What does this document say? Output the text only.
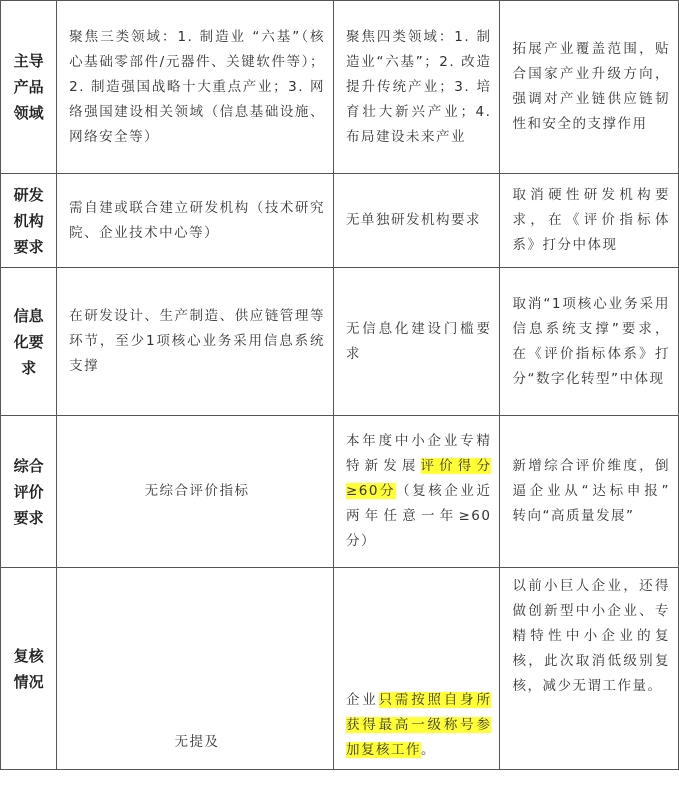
主导产品领域	聚焦三类领域：1. 制造业 “六基”（核心基础零部件/元器件、关键软件等）；2. 制造强国战略十大重点产业；3. 网络强国建设相关领域（信息基础设施、网络安全等）	聚焦四类领域：1. 制造业“六基”；2. 改造提升传统产业；3. 培育壮大新兴产业；4. 布局建设未来产业	拓展产业覆盖范围，贴合国家产业升级方向，强调对产业链供应链韧性和安全的支撑作用
研发机构要求	需自建或联合建立研发机构（技术研究院、企业技术中心等）	无单独研发机构要求	取消硬性研发机构要求，在《评价指标体系》打分中体现
信息化要求	在研发设计、生产制造、供应链管理等环节，至少1项核心业务采用信息系统支撑	无信息化建设门槛要求	取消“1项核心业务采用信息系统支撑”要求，在《评价指标体系》打分“数字化转型”中体现
综合评价要求	无综合评价指标	本年度中小企业专精特新发展评价得分≥60分（复核企业近两年任意一年≥60分）	新增综合评价维度，倒逼企业从“达标申报” 转向“高质量发展”
复核情况	无提及	企业只需按照自身所获得最高一级称号参加复核工作。	以前小巨人企业，还得做创新型中小企业、专精特性中小企业的复核，此次取消低级别复核，减少无谓工作量。
